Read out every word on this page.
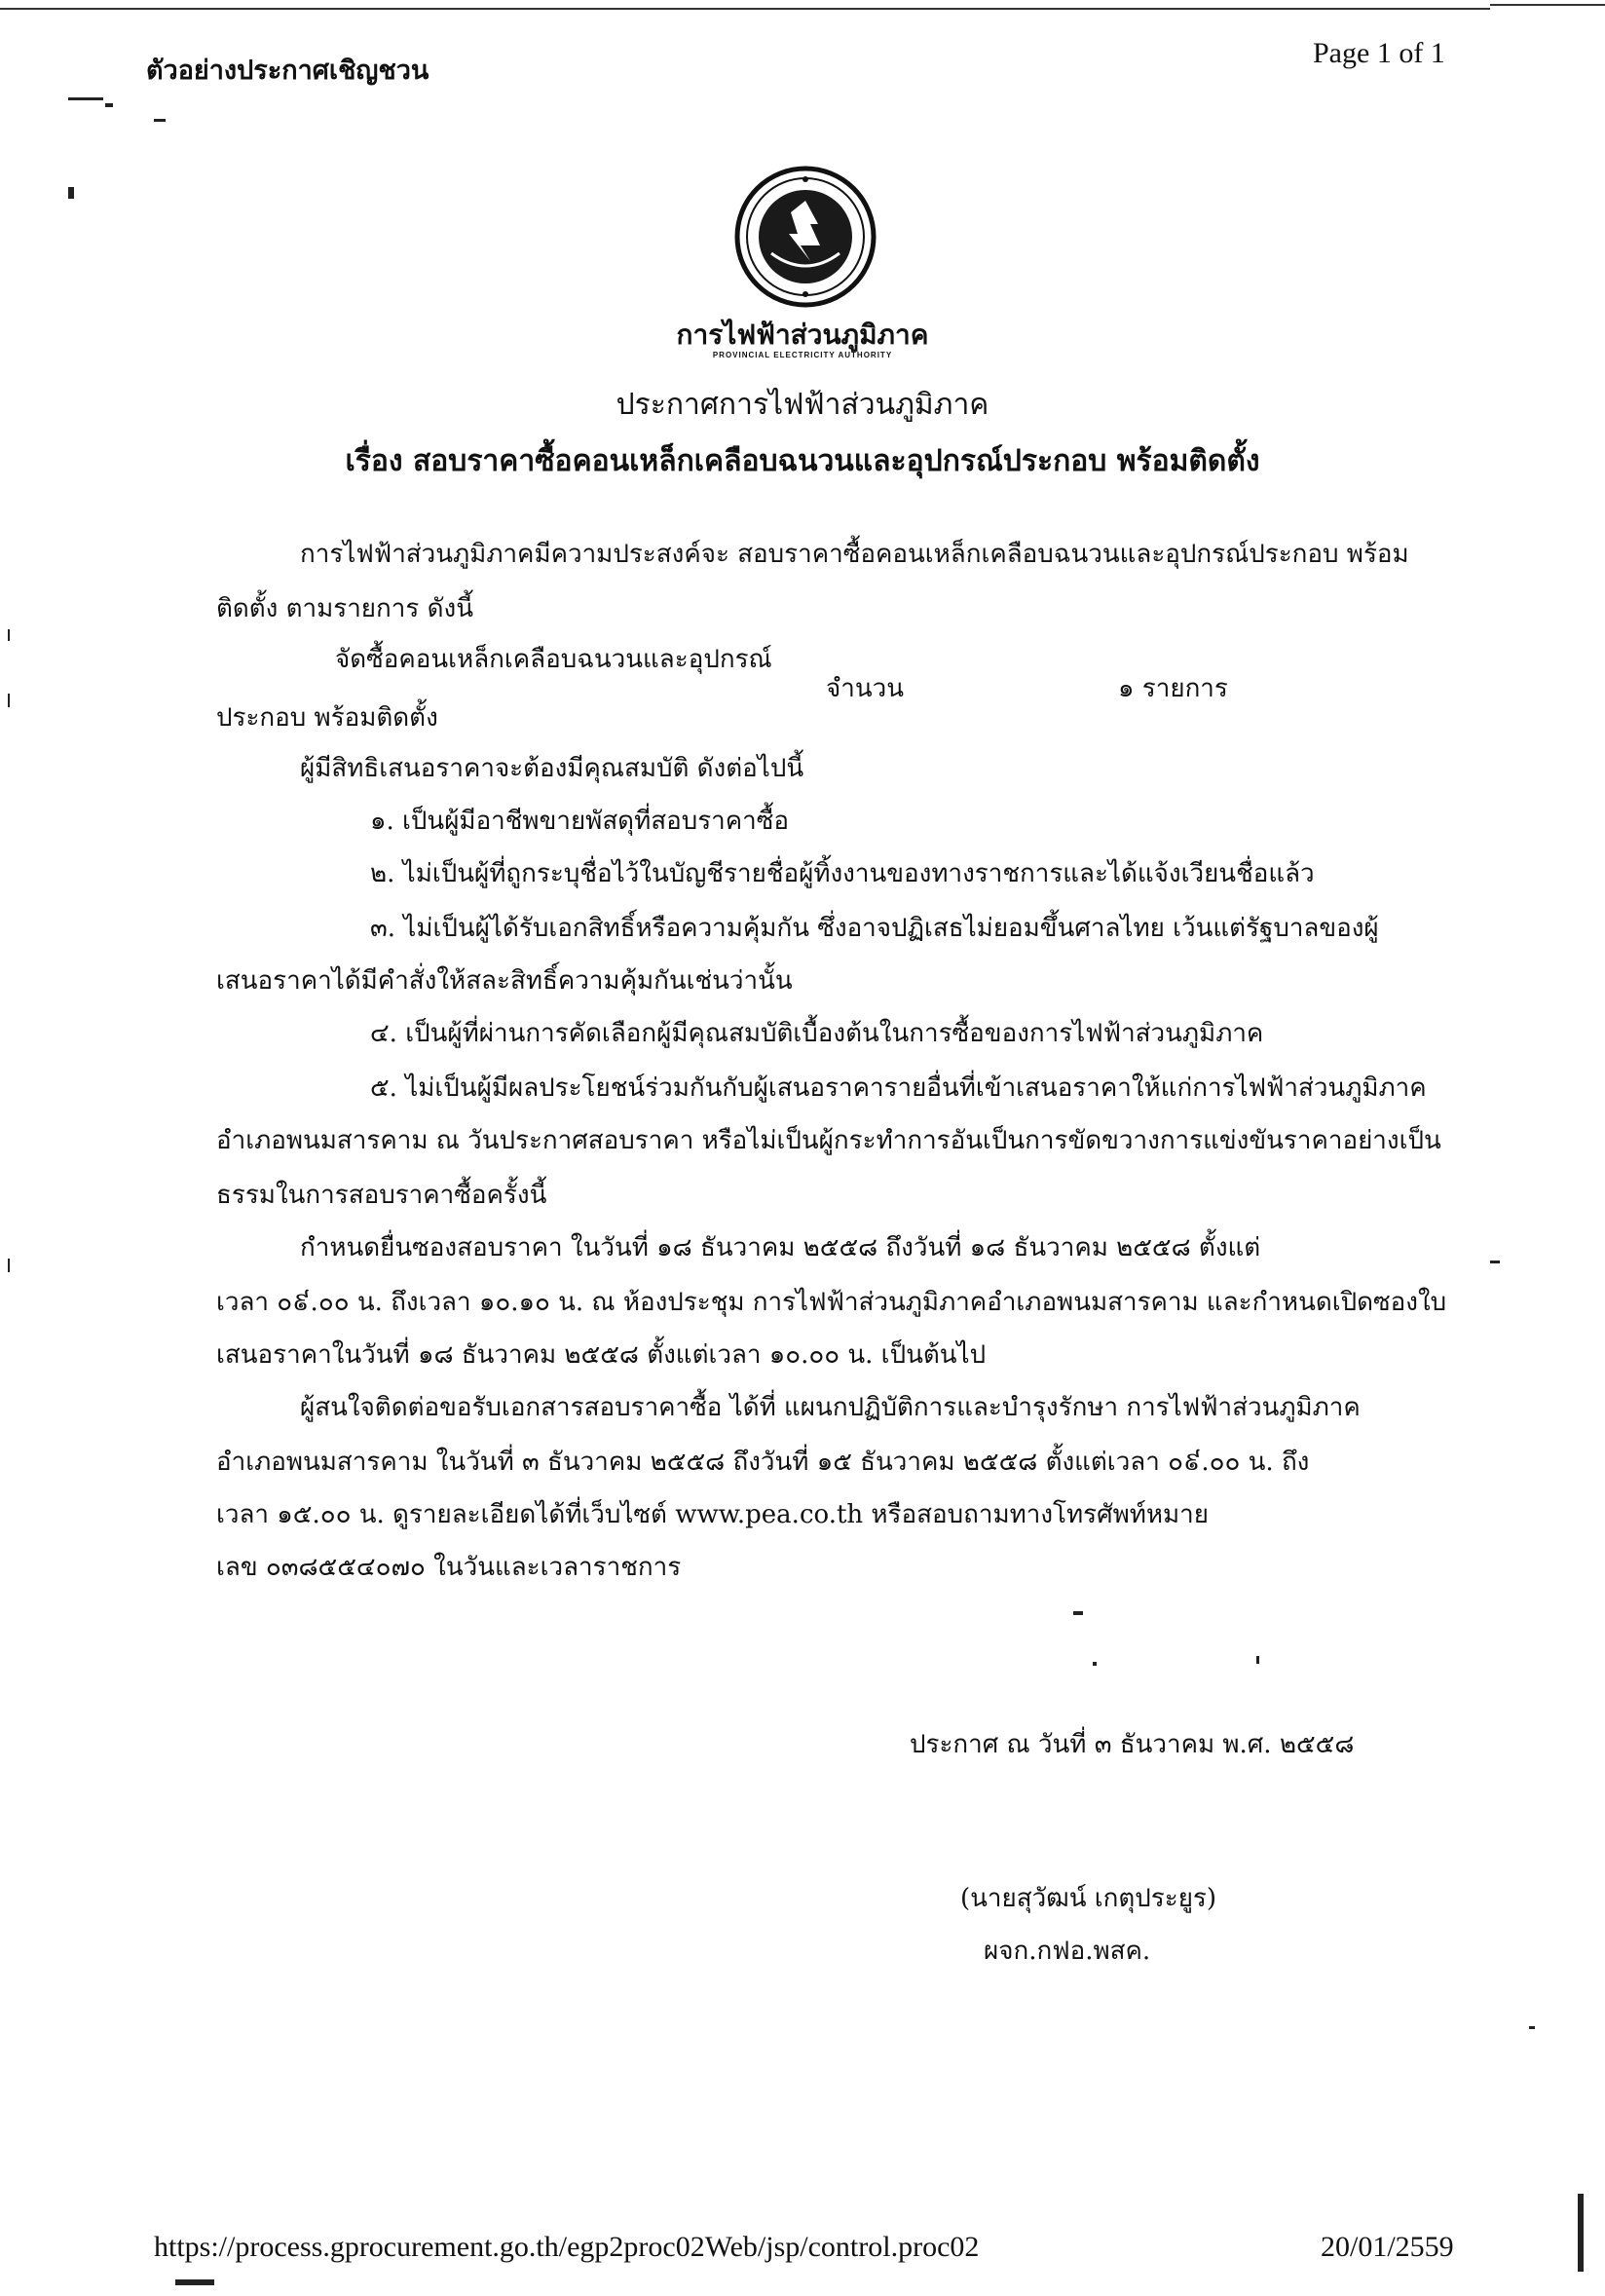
ตัวอย่างประกาศเชิญชวน
Page 1 of 1
การไฟฟ้าส่วนภูมิภาค
PROVINCIAL ELECTRICITY AUTHORITY
ประกาศการไฟฟ้าส่วนภูมิภาค
เรื่อง สอบราคาซื้อคอนเหล็กเคลือบฉนวนและอุปกรณ์ประกอบ พร้อมติดตั้ง
การไฟฟ้าส่วนภูมิภาคมีความประสงค์จะ สอบราคาซื้อคอนเหล็กเคลือบฉนวนและอุปกรณ์ประกอบ พร้อม
ติดตั้ง ตามรายการ ดังนี้
จัดซื้อคอนเหล็กเคลือบฉนวนและอุปกรณ์
จำนวน	๑ รายการ
ประกอบ พร้อมติดตั้ง
ผู้มีสิทธิเสนอราคาจะต้องมีคุณสมบัติ ดังต่อไปนี้
๑. เป็นผู้มีอาชีพขายพัสดุที่สอบราคาซื้อ
๒. ไม่เป็นผู้ที่ถูกระบุชื่อไว้ในบัญชีรายชื่อผู้ทิ้งงานของทางราชการและได้แจ้งเวียนชื่อแล้ว
๓. ไม่เป็นผู้ได้รับเอกสิทธิ์หรือความคุ้มกัน ซึ่งอาจปฏิเสธไม่ยอมขึ้นศาลไทย เว้นแต่รัฐบาลของผู้
เสนอราคาได้มีคำสั่งให้สละสิทธิ์ความคุ้มกันเช่นว่านั้น
๔. เป็นผู้ที่ผ่านการคัดเลือกผู้มีคุณสมบัติเบื้องต้นในการซื้อของการไฟฟ้าส่วนภูมิภาค
๕. ไม่เป็นผู้มีผลประโยชน์ร่วมกันกับผู้เสนอราคารายอื่นที่เข้าเสนอราคาให้แก่การไฟฟ้าส่วนภูมิภาค
อำเภอพนมสารคาม ณ วันประกาศสอบราคา หรือไม่เป็นผู้กระทำการอันเป็นการขัดขวางการแข่งขันราคาอย่างเป็น
ธรรมในการสอบราคาซื้อครั้งนี้
กำหนดยื่นซองสอบราคา ในวันที่ ๑๘ ธันวาคม ๒๕๕๘ ถึงวันที่ ๑๘ ธันวาคม ๒๕๕๘ ตั้งแต่
เวลา ๐៩.๐๐ น. ถึงเวลา ๑๐.๑๐ น. ณ ห้องประชุม การไฟฟ้าส่วนภูมิภาคอำเภอพนมสารคาม และกำหนดเปิดซองใบ
เสนอราคาในวันที่ ๑๘ ธันวาคม ๒๕๕๘ ตั้งแต่เวลา ๑๐.๐๐ น. เป็นต้นไป
ผู้สนใจติดต่อขอรับเอกสารสอบราคาซื้อ ได้ที่ แผนกปฏิบัติการและบำรุงรักษา การไฟฟ้าส่วนภูมิภาค
อำเภอพนมสารคาม ในวันที่ ๓ ธันวาคม ๒๕๕๘ ถึงวันที่ ๑๕ ธันวาคม ๒๕๕๘ ตั้งแต่เวลา ๐៩.๐๐ น. ถึง
เวลา ๑๕.๐๐ น. ดูรายละเอียดได้ที่เว็บไซต์ www.pea.co.th หรือสอบถามทางโทรศัพท์หมาย
เลข ๐๓๘๕๕๔๐๗๐ ในวันและเวลาราชการ
ประกาศ ณ วันที่ ๓ ธันวาคม พ.ศ. ๒๕๕๘
(นายสุวัฒน์ เกตุประยูร)
ผจก.กฟอ.พสค.
https://process.gprocurement.go.th/egp2proc02Web/jsp/control.proc02	20/01/2559
